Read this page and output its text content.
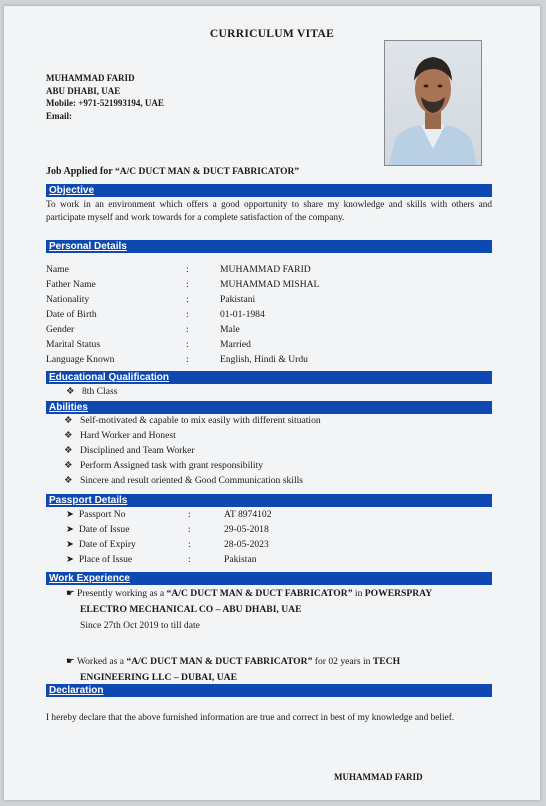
CURRICULUM VITAE
MUHAMMAD FARID
ABU DHABI, UAE
Mobile: +971-521993194, UAE
Email:
Job Applied for “A/C DUCT MAN & DUCT FABRICATOR”
Objective
To work in an environment which offers a good opportunity to share my knowledge and skills with others and participate myself and work towards for a complete satisfaction of the company.
Personal Details
Name	:	MUHAMMAD FARID
Father Name	:	MUHAMMAD MISHAL
Nationality	:	Pakistani
Date of Birth	:	01-01-1984
Gender	:	Male
Marital Status	:	Married
Language Known	:	English, Hindi & Urdu
Educational Qualification
❖ 8th Class
Abilities
❖ Self-motivated & capable to mix easily with different situation
❖ Hard Worker and Honest
❖ Disciplined and Team Worker
❖ Perform Assigned task with grant responsibility
❖ Sincere and result oriented & Good Communication skills
Passport Details
➤ Passport No	:	AT 8974102
➤ Date of Issue	:	29-05-2018
➤ Date of Expiry	:	28-05-2023
➤ Place of Issue	:	Pakistan
Work Experience
☛ Presently working as a “A/C DUCT MAN & DUCT FABRICATOR” in POWERSPRAY
ELECTRO MECHANICAL CO – ABU DHABI, UAE
Since 27th Oct 2019 to till date
☛ Worked as a “A/C DUCT MAN & DUCT FABRICATOR” for 02 years in TECH
ENGINEERING LLC – DUBAI, UAE
Declaration
I hereby declare that the above furnished information are true and correct in best of my knowledge and belief.
MUHAMMAD FARID
